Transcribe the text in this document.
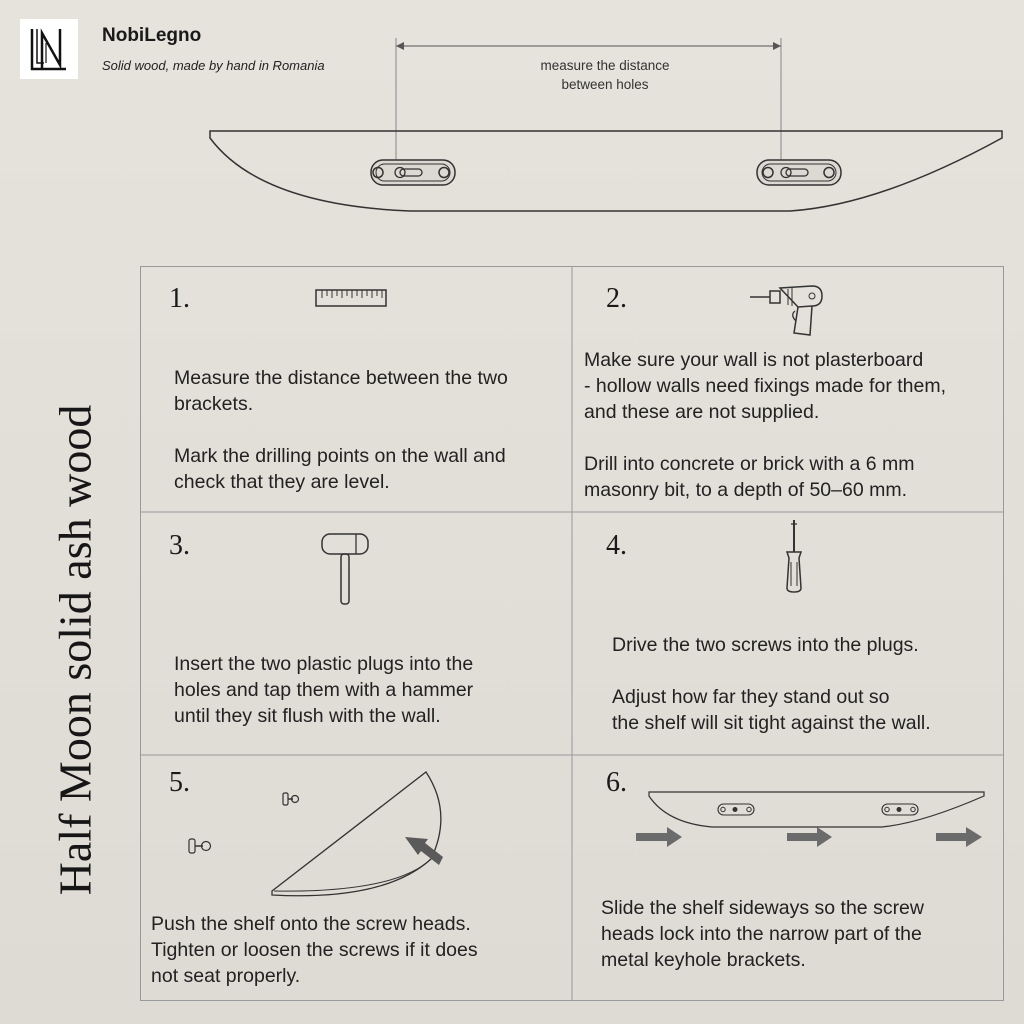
NobiLegno
Solid wood, made by hand in Romania	measure the distance
between holes
Half Moon solid ash wood
1.

Measure the distance between the two
brackets.

Mark the drilling points on the wall and
check that they are level.

2.

Make sure your wall is not plasterboard
- hollow walls need fixings made for them,
and these are not supplied.

Drill into concrete or brick with a 6 mm
masonry bit, to a depth of 50–60 mm.

3.

Insert the two plastic plugs into the
holes and tap them with a hammer
until they sit flush with the wall.

4.

Drive the two screws into the plugs.

Adjust how far they stand out so
the shelf will sit tight against the wall.

5.

Push the shelf onto the screw heads.
Tighten or loosen the screws if it does
not seat properly.

6.

Slide the shelf sideways so the screw
heads lock into the narrow part of the
metal keyhole brackets.
